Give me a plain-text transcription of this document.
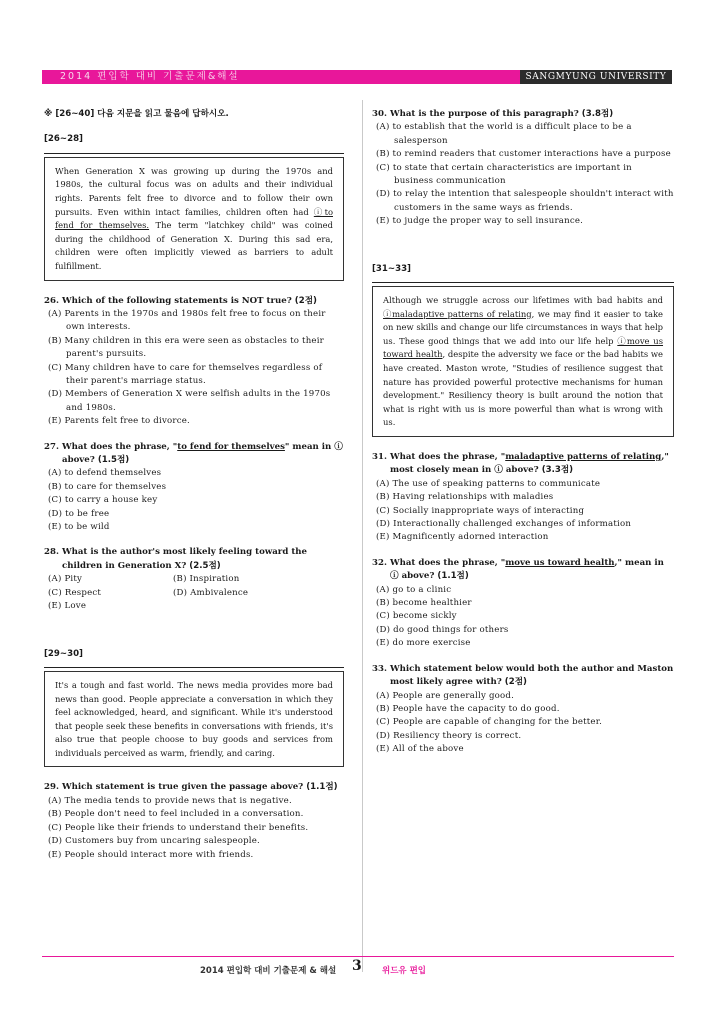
2014 편입학 대비 기출문제&해설	SANGMYUNG UNIVERSITY
※ [26~40] 다음 지문을 읽고 물음에 답하시오.
[26~28]
When Generation X was growing up during the 1970s and 1980s, the cultural focus was on adults and their individual rights. Parents felt free to divorce and to follow their own pursuits. Even within intact families, children often had ⓘto fend for themselves. The term "latchkey child" was coined during the childhood of Generation X. During this sad era, children were often implicitly viewed as barriers to adult fulfillment.
26. Which of the following statements is NOT true? (2점)
(A) Parents in the 1970s and 1980s felt free to focus on their own interests.
(B) Many children in this era were seen as obstacles to their parent's pursuits.
(C) Many children have to care for themselves regardless of their parent's marriage status.
(D) Members of Generation X were selfish adults in the 1970s and 1980s.
(E) Parents felt free to divorce.
27. What does the phrase, "to fend for themselves" mean in ⓘ above? (1.5점)
(A) to defend themselves
(B) to care for themselves
(C) to carry a house key
(D) to be free
(E) to be wild
28. What is the author's most likely feeling toward the children in Generation X? (2.5점)
(A) Pity	(B) Inspiration
(C) Respect	(D) Ambivalence
(E) Love
[29~30]
It's a tough and fast world. The news media provides more bad news than good. People appreciate a conversation in which they feel acknowledged, heard, and significant. While it's understood that people seek these benefits in conversations with friends, it's also true that people choose to buy goods and services from individuals perceived as warm, friendly, and caring.
29. Which statement is true given the passage above? (1.1점)
(A) The media tends to provide news that is negative.
(B) People don't need to feel included in a conversation.
(C) People like their friends to understand their benefits.
(D) Customers buy from uncaring salespeople.
(E) People should interact more with friends.
30. What is the purpose of this paragraph? (3.8점)
(A) to establish that the world is a difficult place to be a salesperson
(B) to remind readers that customer interactions have a purpose
(C) to state that certain characteristics are important in business communication
(D) to relay the intention that salespeople shouldn't interact with customers in the same ways as friends.
(E) to judge the proper way to sell insurance.
[31~33]
Although we struggle across our lifetimes with bad habits and ⓘmaladaptive patterns of relating, we may find it easier to take on new skills and change our life circumstances in ways that help us. These good things that we add into our life help ⓘmove us toward health, despite the adversity we face or the bad habits we have created. Maston wrote, "Studies of resilience suggest that nature has provided powerful protective mechanisms for human development." Resiliency theory is built around the notion that what is right with us is more powerful than what is wrong with us.
31. What does the phrase, "maladaptive patterns of relating," most closely mean in ⓘ above? (3.3점)
(A) The use of speaking patterns to communicate
(B) Having relationships with maladies
(C) Socially inappropriate ways of interacting
(D) Interactionally challenged exchanges of information
(E) Magnificently adorned interaction
32. What does the phrase, "move us toward health," mean in ⓘ above? (1.1점)
(A) go to a clinic
(B) become healthier
(C) become sickly
(D) do good things for others
(E) do more exercise
33. Which statement below would both the author and Maston most likely agree with? (2점)
(A) People are generally good.
(B) People have the capacity to do good.
(C) People are capable of changing for the better.
(D) Resiliency theory is correct.
(E) All of the above
2014 편입학 대비 기출문제 & 해설 3 위드유 편입
